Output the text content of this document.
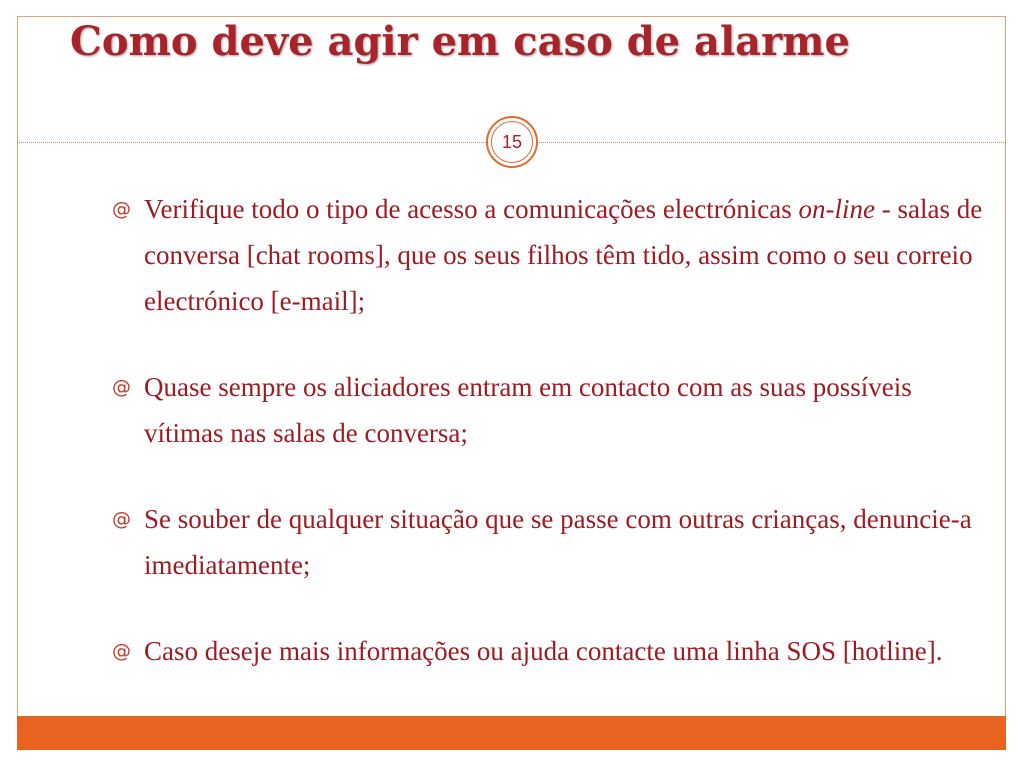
Como deve agir em caso de alarme
15
@ Verifique todo o tipo de acesso a comunicações electrónicas on-line - salas de conversa [chat rooms], que os seus filhos têm tido, assim como o seu correio electrónico [e-mail];
@ Quase sempre os aliciadores entram em contacto com as suas possíveis vítimas nas salas de conversa;
@ Se souber de qualquer situação que se passe com outras crianças, denuncie-a imediatamente;
@ Caso deseje mais informações ou ajuda contacte uma linha SOS [hotline].
